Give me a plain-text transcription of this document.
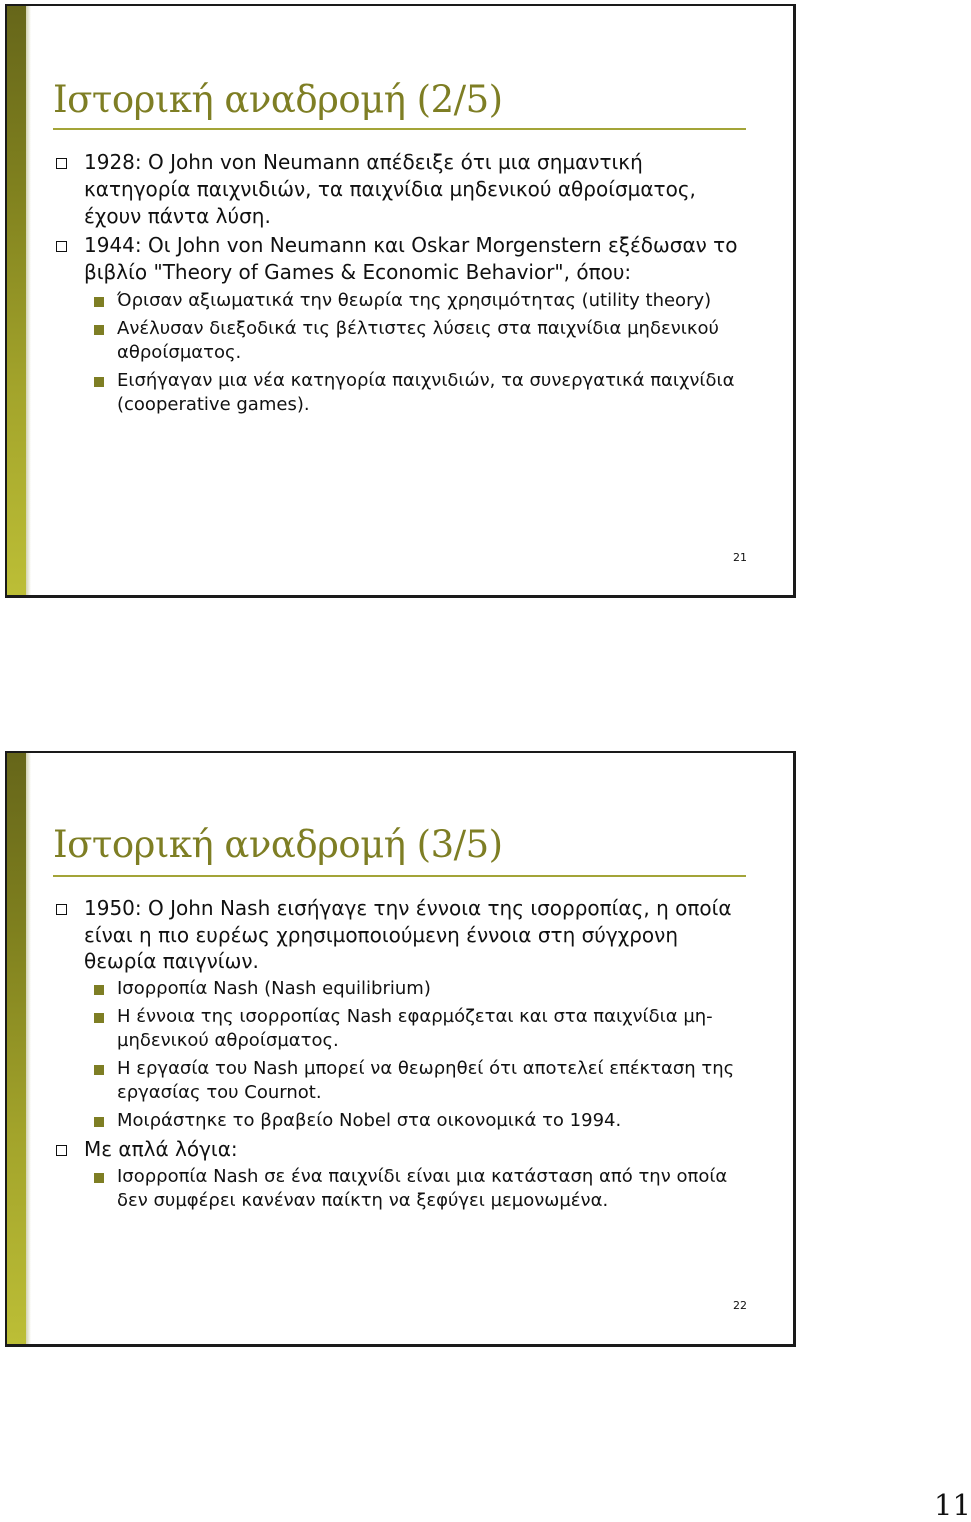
Ιστορική αναδρομή (2/5)
1928: O John von Neumann απέδειξε ότι µια σηµαντική κατηγορία παιχνιδιών, τα παιχνίδια µηδενικού αθροίσµατος, έχουν πάντα λύση.
1944: Οι John von Neumann και Oskar Morgenstern εξέδωσαν το βιβλίο "Theory of Games & Economic Behavior", όπου:
Όρισαν αξιωµατικά την θεωρία της χρησιµότητας (utility theory)
Ανέλυσαν διεξοδικά τις βέλτιστες λύσεις στα παιχνίδια µηδενικού αθροίσµατος.
Εισήγαγαν µια νέα κατηγορία παιχνιδιών, τα συνεργατικά παιχνίδια (cooperative games).
21
Ιστορική αναδρομή (3/5)
1950: Ο John Nash εισήγαγε την έννοια της ισορροπίας, η οποία είναι η πιο ευρέως χρησιµοποιούµενη έννοια στη σύγχρονη θεωρία παιγνίων.
Ισορροπία Nash (Nash equilibrium)
Η έννοια της ισορροπίας Nash εφαρµόζεται και στα παιχνίδια µη-µηδενικού αθροίσµατος.
Η εργασία του Nash µπορεί να θεωρηθεί ότι αποτελεί επέκταση της εργασίας του Cournot.
Μοιράστηκε το βραβείο Nobel στα οικονοµικά το 1994.
Με απλά λόγια:
Ισορροπία Nash σε ένα παιχνίδι είναι µια κατάσταση από την οποία δεν συµφέρει κανέναν παίκτη να ξεφύγει µεµονωµένα.
22
11
